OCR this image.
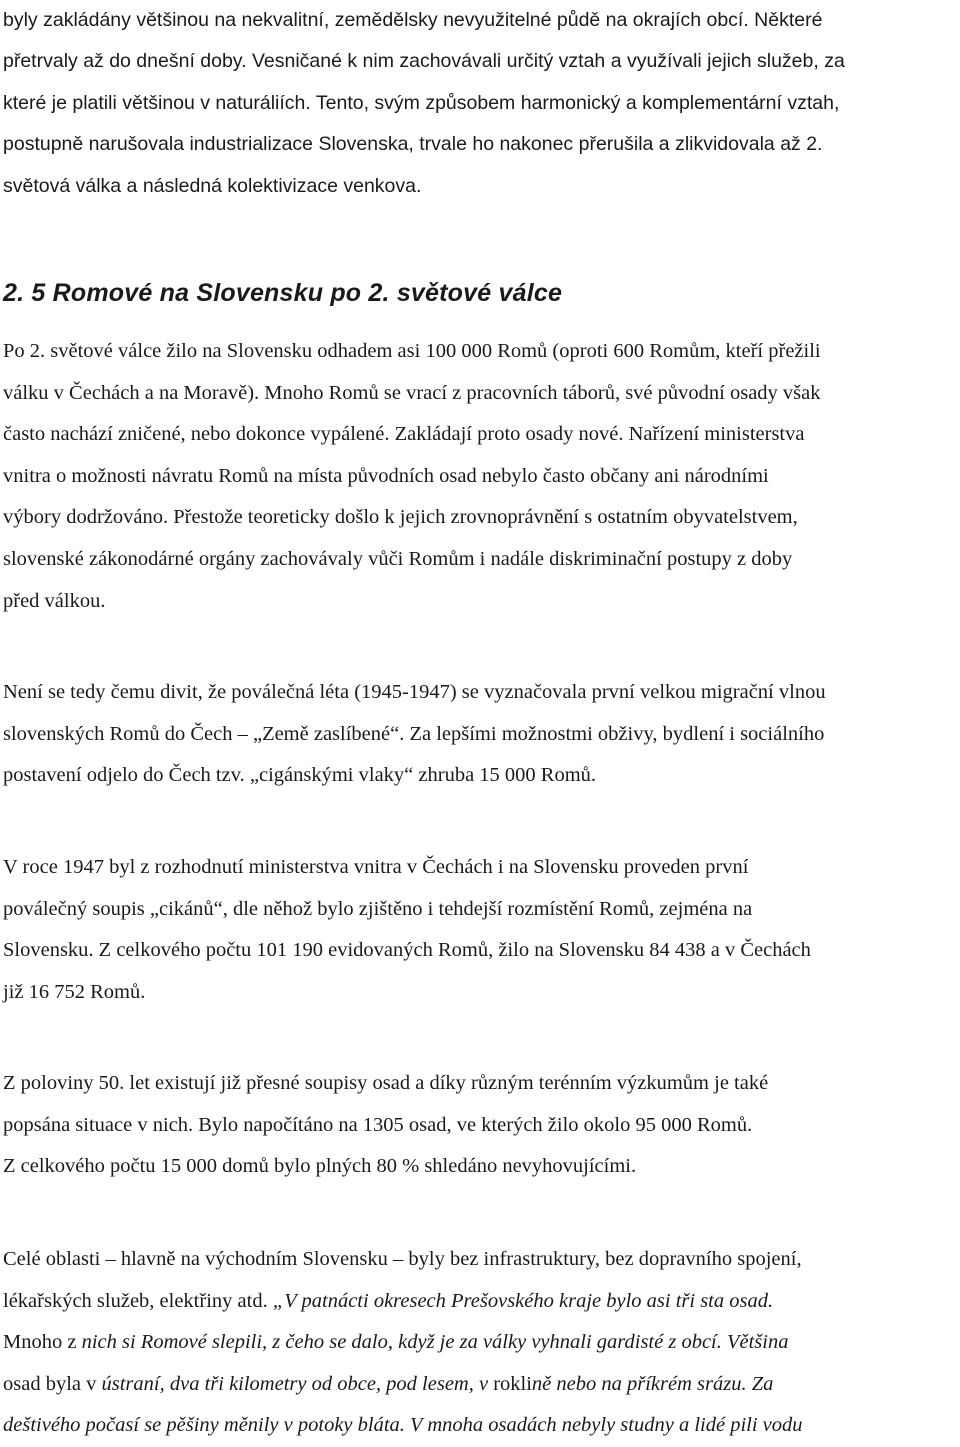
byly zakládány většinou na nekvalitní, zemědělsky nevyužitelné půdě na okrajích obcí. Některé

přetrvaly až do dnešní doby. Vesničané k nim zachovávali určitý vztah a využívali jejich služeb, za

které je platili většinou v naturáliích. Tento, svým způsobem harmonický a komplementární vztah,

postupně narušovala industrializace Slovenska, trvale ho nakonec přerušila a zlikvidovala až 2.

světová válka a následná kolektivizace venkova.

2. 5 Romové na Slovensku po 2. světové válce

Po 2. světové válce žilo na Slovensku odhadem asi 100 000 Romů (oproti 600 Romům, kteří přežili

válku v Čechách a na Moravě). Mnoho Romů se vrací z pracovních táborů, své původní osady však

často nachází zničené, nebo dokonce vypálené. Zakládají proto osady nové. Nařízení ministerstva

vnitra o možnosti návratu Romů na místa původních osad nebylo často občany ani národními

výbory dodržováno. Přestože teoreticky došlo k jejich zrovnoprávnění s ostatním obyvatelstvem,

slovenské zákonodárné orgány zachovávaly vůči Romům i nadále diskriminační postupy z doby

před válkou.

Není se tedy čemu divit, že poválečná léta (1945-1947) se vyznačovala první velkou migrační vlnou

slovenských Romů do Čech – „Země zaslíbené“. Za lepšími možnostmi obživy, bydlení i sociálního

postavení odjelo do Čech tzv. „cigánskými vlaky“ zhruba 15 000 Romů.

V roce 1947 byl z rozhodnutí ministerstva vnitra v Čechách i na Slovensku proveden první

poválečný soupis „cikánů“, dle něhož bylo zjištěno i tehdejší rozmístění Romů, zejména na

Slovensku. Z celkového počtu 101 190 evidovaných Romů, žilo na Slovensku 84 438 a v Čechách

již 16 752 Romů.

Z poloviny 50. let existují již přesné soupisy osad a díky různým terénním výzkumům je také

popsána situace v nich. Bylo napočítáno na 1305 osad, ve kterých žilo okolo 95 000 Romů.

Z celkového počtu 15 000 domů bylo plných 80 % shledáno nevyhovujícími.

Celé oblasti – hlavně na východním Slovensku – byly bez infrastruktury, bez dopravního spojení,

lékařských služeb, elektřiny atd. „V patnácti okresech Prešovského kraje bylo asi tři sta osad.

Mnoho z nich si Romové slepili, z čeho se dalo, když je za války vyhnali gardisté z obcí. Většina

osad byla v ústraní, dva tři kilometry od obce, pod lesem, v roklině nebo na příkrém srázu. Za

deštivého počasí se pěšiny měnily v potoky bláta. V mnoha osadách nebyly studny a lidé pili vodu
